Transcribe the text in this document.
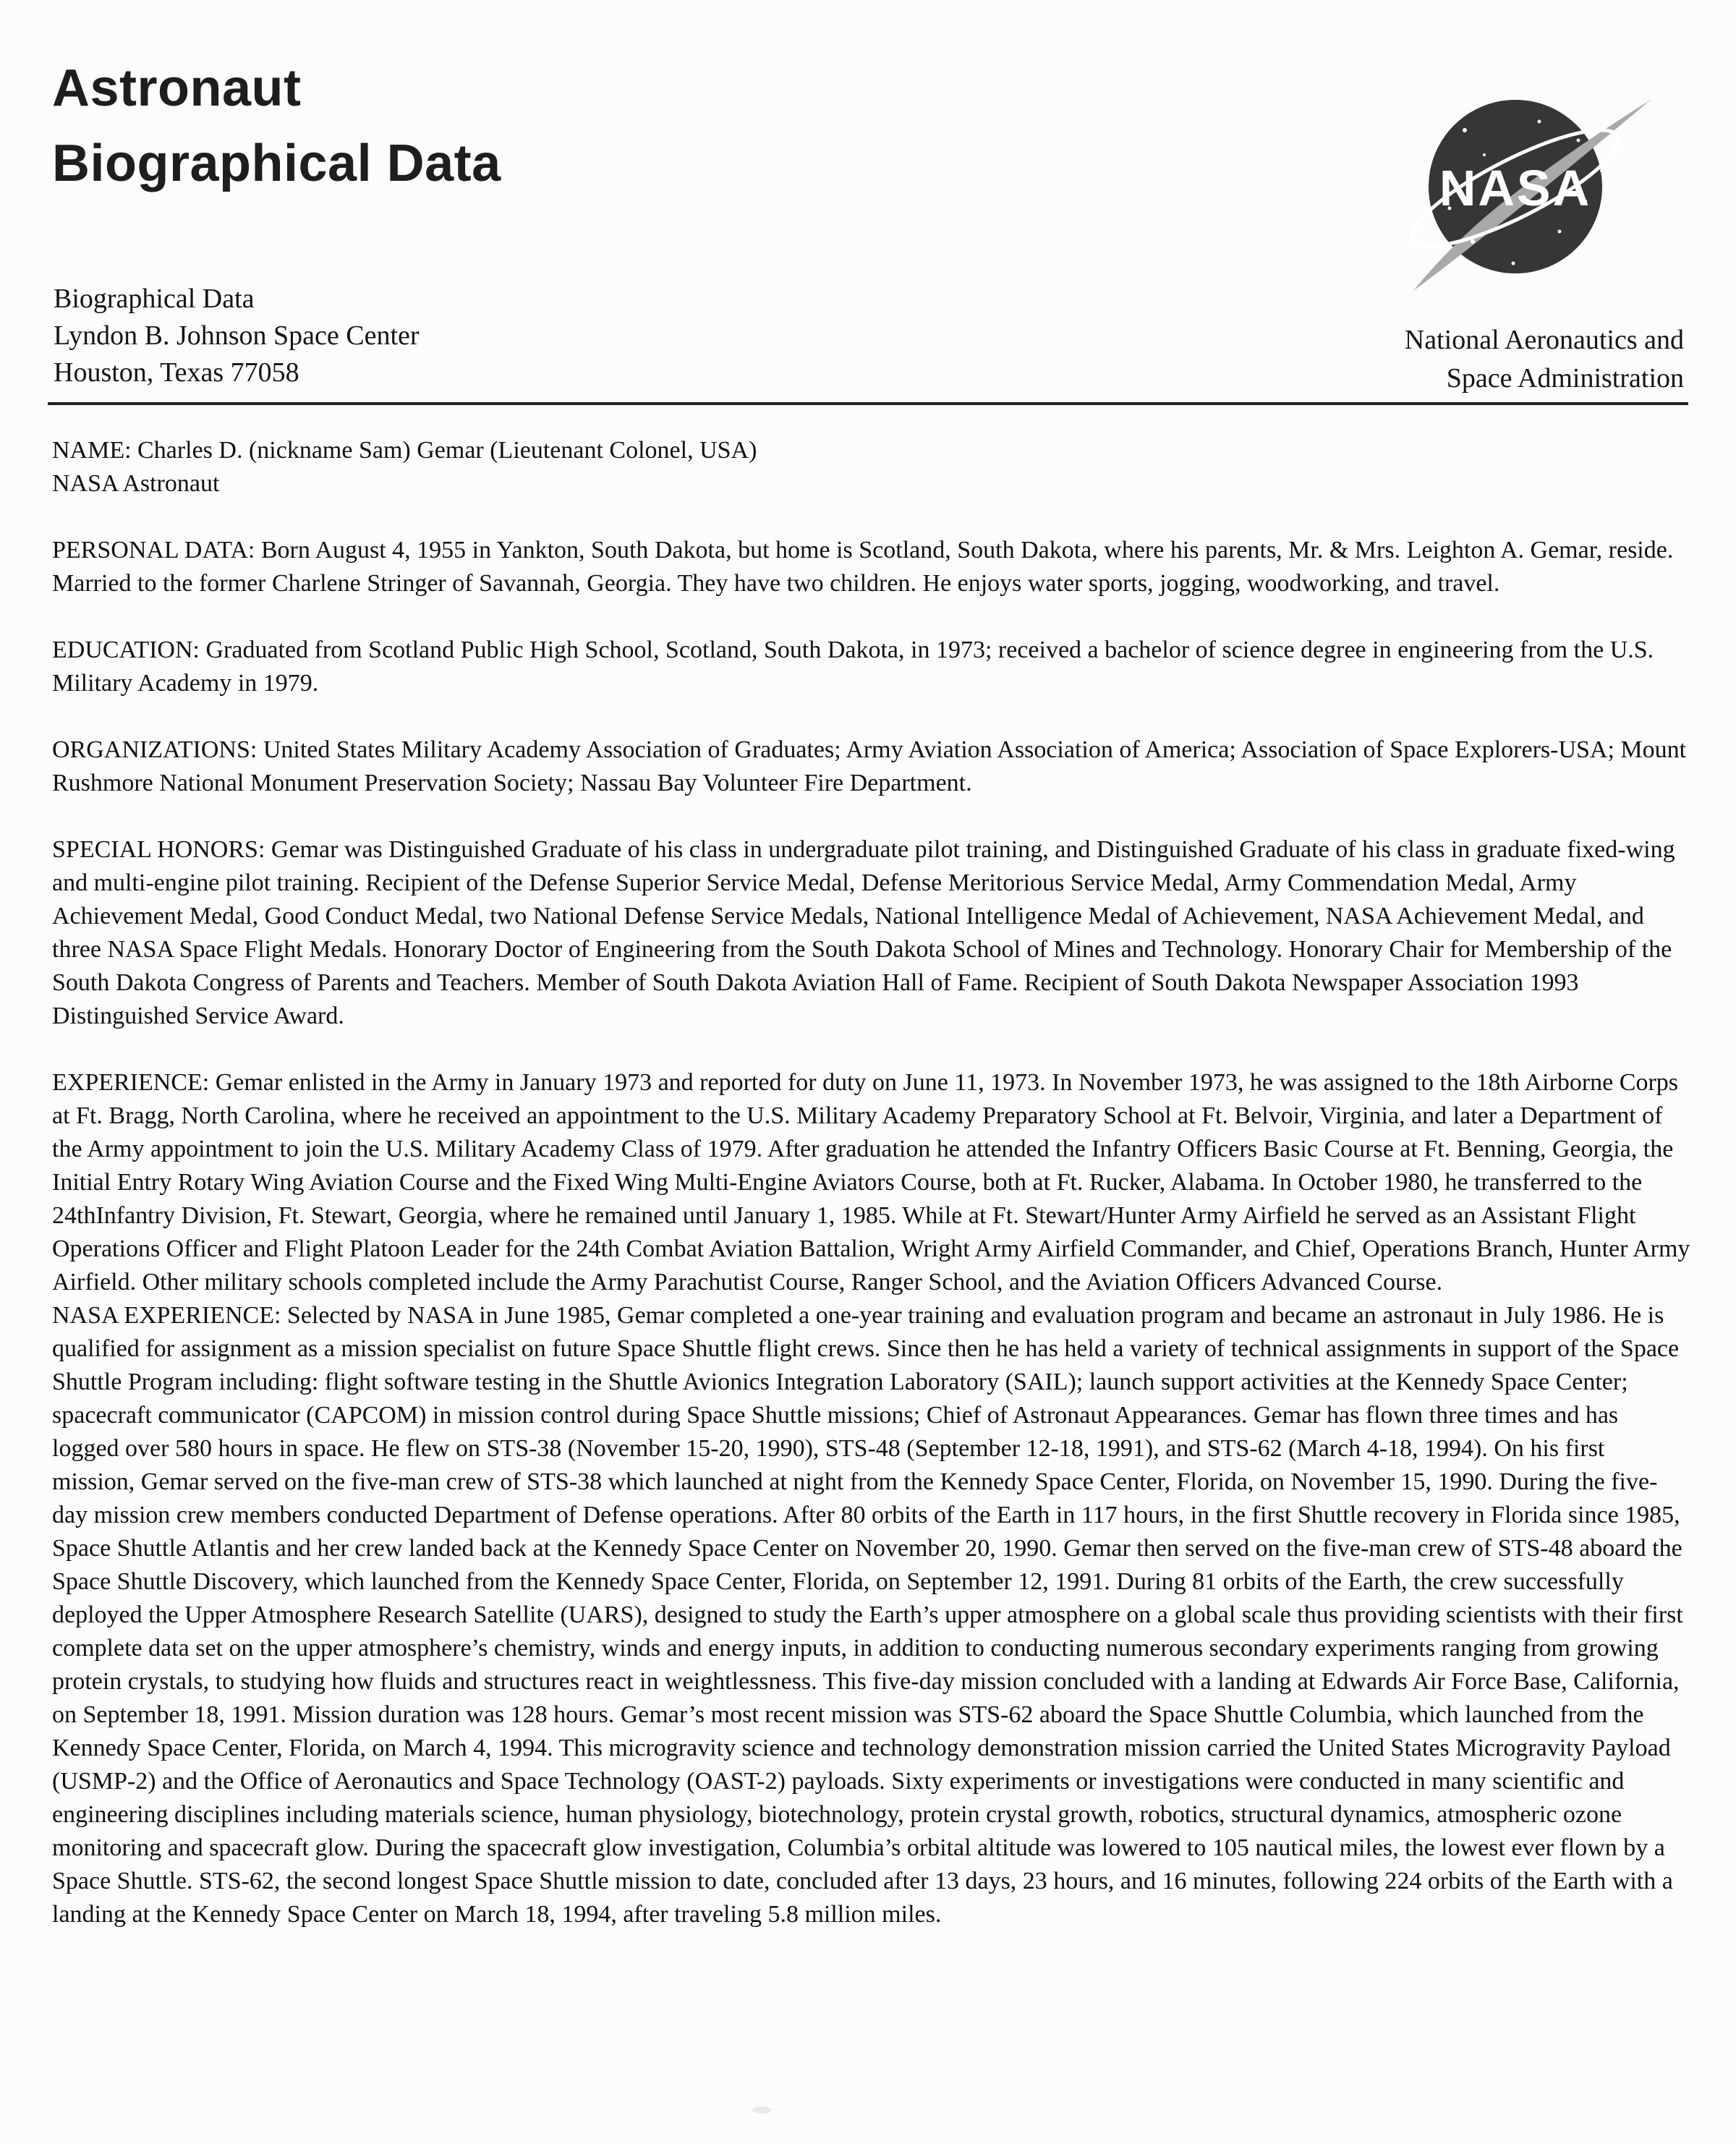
Astronaut
Biographical Data
Biographical Data
Lyndon B. Johnson Space Center
Houston, Texas 77058
NASA
National Aeronautics and
Space Administration

NAME: Charles D. (nickname Sam) Gemar (Lieutenant Colonel, USA)
NASA Astronaut

PERSONAL DATA: Born August 4, 1955 in Yankton, South Dakota, but home is Scotland, South Dakota, where his parents, Mr. & Mrs. Leighton A. Gemar, reside. Married to the former Charlene Stringer of Savannah, Georgia. They have two children. He enjoys water sports, jogging, woodworking, and travel.

EDUCATION: Graduated from Scotland Public High School, Scotland, South Dakota, in 1973; received a bachelor of science degree in engineering from the U.S. Military Academy in 1979.

ORGANIZATIONS: United States Military Academy Association of Graduates; Army Aviation Association of America; Association of Space Explorers-USA; Mount Rushmore National Monument Preservation Society; Nassau Bay Volunteer Fire Department.

SPECIAL HONORS: Gemar was Distinguished Graduate of his class in undergraduate pilot training, and Distinguished Graduate of his class in graduate fixed-wing and multi-engine pilot training. Recipient of the Defense Superior Service Medal, Defense Meritorious Service Medal, Army Commendation Medal, Army Achievement Medal, Good Conduct Medal, two National Defense Service Medals, National Intelligence Medal of Achievement, NASA Achievement Medal, and three NASA Space Flight Medals. Honorary Doctor of Engineering from the South Dakota School of Mines and Technology. Honorary Chair for Membership of the South Dakota Congress of Parents and Teachers. Member of South Dakota Aviation Hall of Fame. Recipient of South Dakota Newspaper Association 1993 Distinguished Service Award.

EXPERIENCE: Gemar enlisted in the Army in January 1973 and reported for duty on June 11, 1973. In November 1973, he was assigned to the 18th Airborne Corps at Ft. Bragg, North Carolina, where he received an appointment to the U.S. Military Academy Preparatory School at Ft. Belvoir, Virginia, and later a Department of the Army appointment to join the U.S. Military Academy Class of 1979. After graduation he attended the Infantry Officers Basic Course at Ft. Benning, Georgia, the Initial Entry Rotary Wing Aviation Course and the Fixed Wing Multi-Engine Aviators Course, both at Ft. Rucker, Alabama. In October 1980, he transferred to the 24thInfantry Division, Ft. Stewart, Georgia, where he remained until January 1, 1985. While at Ft. Stewart/Hunter Army Airfield he served as an Assistant Flight Operations Officer and Flight Platoon Leader for the 24th Combat Aviation Battalion, Wright Army Airfield Commander, and Chief, Operations Branch, Hunter Army Airfield. Other military schools completed include the Army Parachutist Course, Ranger School, and the Aviation Officers Advanced Course.

NASA EXPERIENCE: Selected by NASA in June 1985, Gemar completed a one-year training and evaluation program and became an astronaut in July 1986. He is qualified for assignment as a mission specialist on future Space Shuttle flight crews. Since then he has held a variety of technical assignments in support of the Space Shuttle Program including: flight software testing in the Shuttle Avionics Integration Laboratory (SAIL); launch support activities at the Kennedy Space Center; spacecraft communicator (CAPCOM) in mission control during Space Shuttle missions; Chief of Astronaut Appearances. Gemar has flown three times and has logged over 580 hours in space. He flew on STS-38 (November 15-20, 1990), STS-48 (September 12-18, 1991), and STS-62 (March 4-18, 1994). On his first mission, Gemar served on the five-man crew of STS-38 which launched at night from the Kennedy Space Center, Florida, on November 15, 1990. During the five-day mission crew members conducted Department of Defense operations. After 80 orbits of the Earth in 117 hours, in the first Shuttle recovery in Florida since 1985, Space Shuttle Atlantis and her crew landed back at the Kennedy Space Center on November 20, 1990. Gemar then served on the five-man crew of STS-48 aboard the Space Shuttle Discovery, which launched from the Kennedy Space Center, Florida, on September 12, 1991. During 81 orbits of the Earth, the crew successfully deployed the Upper Atmosphere Research Satellite (UARS), designed to study the Earth’s upper atmosphere on a global scale thus providing scientists with their first complete data set on the upper atmosphere’s chemistry, winds and energy inputs, in addition to conducting numerous secondary experiments ranging from growing protein crystals, to studying how fluids and structures react in weightlessness. This five-day mission concluded with a landing at Edwards Air Force Base, California, on September 18, 1991. Mission duration was 128 hours. Gemar’s most recent mission was STS-62 aboard the Space Shuttle Columbia, which launched from the Kennedy Space Center, Florida, on March 4, 1994. This microgravity science and technology demonstration mission carried the United States Microgravity Payload (USMP-2) and the Office of Aeronautics and Space Technology (OAST-2) payloads. Sixty experiments or investigations were conducted in many scientific and engineering disciplines including materials science, human physiology, biotechnology, protein crystal growth, robotics, structural dynamics, atmospheric ozone monitoring and spacecraft glow. During the spacecraft glow investigation, Columbia’s orbital altitude was lowered to 105 nautical miles, the lowest ever flown by a Space Shuttle. STS-62, the second longest Space Shuttle mission to date, concluded after 13 days, 23 hours, and 16 minutes, following 224 orbits of the Earth with a landing at the Kennedy Space Center on March 18, 1994, after traveling 5.8 million miles.
